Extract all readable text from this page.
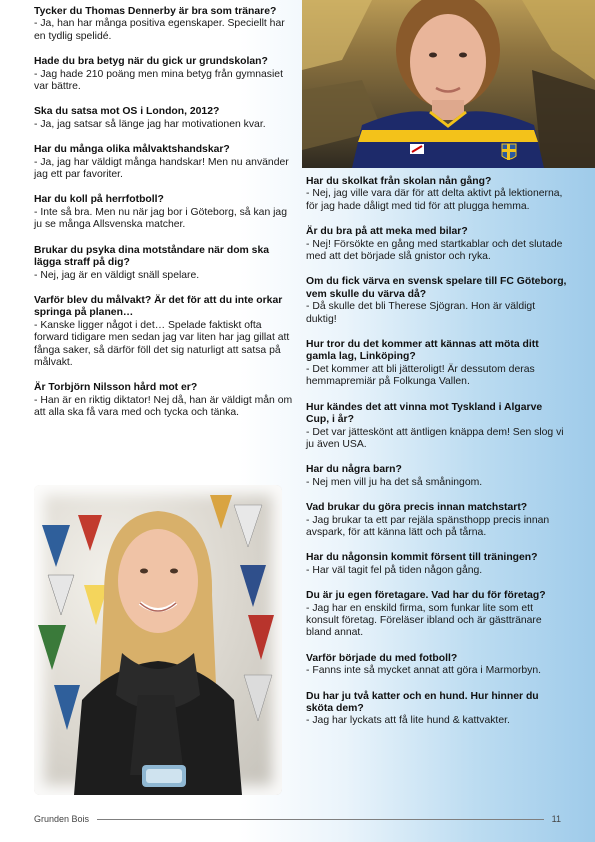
Tycker du Thomas Dennerby är bra som tränare?
- Ja, han har många positiva egenskaper. Speciellt har en tydlig spelidé.
Hade du bra betyg när du gick ur grundskolan?
- Jag hade 210 poäng men mina betyg från gymnasiet var bättre.
Ska du satsa mot OS i London, 2012?
- Ja, jag satsar så länge jag har motivationen kvar.
Har du många olika målvaktshandskar?
- Ja, jag har väldigt många handskar! Men nu använder jag ett par favoriter.
Har du koll på herrfotboll?
- Inte så bra. Men nu när jag bor i Göteborg, så kan jag ju se många Allsvenska matcher.
Brukar du psyka dina motståndare när dom ska lägga straff på dig?
- Nej, jag är en väldigt snäll spelare.
Varför blev du målvakt? Är det för att du inte orkar springa på planen…
- Kanske ligger något i det… Spelade faktiskt ofta forward tidigare men sedan jag var liten har jag gillat att fånga saker, så därför föll det sig naturligt att satsa på målvakt.
Är Torbjörn Nilsson hård mot er?
- Han är en riktig diktator! Nej då, han är väldigt mån om att alla ska få vara med och tycka och tänka.
Har du skolkat från skolan nån gång?
- Nej, jag ville vara där för att delta aktivt på lektionerna, för jag hade dåligt med tid för att plugga hemma.
Är du bra på att meka med bilar?
- Nej! Försökte en gång med startkablar och det slutade med att det började slå gnistor och ryka.
Om du fick värva en svensk spelare till FC Göteborg, vem skulle du värva då?
- Då skulle det bli Therese Sjögran. Hon är väldigt duktig!
Hur tror du det kommer att kännas att möta ditt gamla lag, Linköping?
- Det kommer att bli jätteroligt! Är dessutom deras hemmapremiär på Folkunga Vallen.
Hur kändes det att vinna mot Tyskland i Algarve Cup, i år?
- Det var jätteskönt att äntligen knäppa dem! Sen slog vi ju även USA.
Har du några barn?
- Nej men vill ju ha det så småningom.
Vad brukar du göra precis innan matchstart?
- Jag brukar ta ett par rejäla spänsthopp precis innan avspark, för att känna lätt och på tårna.
Har du någonsin kommit försent till träningen?
- Har väl tagit fel på tiden någon gång.
Du är ju egen företagare. Vad har du för företag?
- Jag har en enskild firma, som funkar lite som ett konsult företag. Föreläser ibland och är gästtränare bland annat.
Varför började du med fotboll?
- Fanns inte så mycket annat att göra i Marmorbyn.
Du har ju två katter och en hund. Hur hinner du sköta dem?
- Jag har lyckats att få lite hund & kattvakter.
Grunden Bois	11
